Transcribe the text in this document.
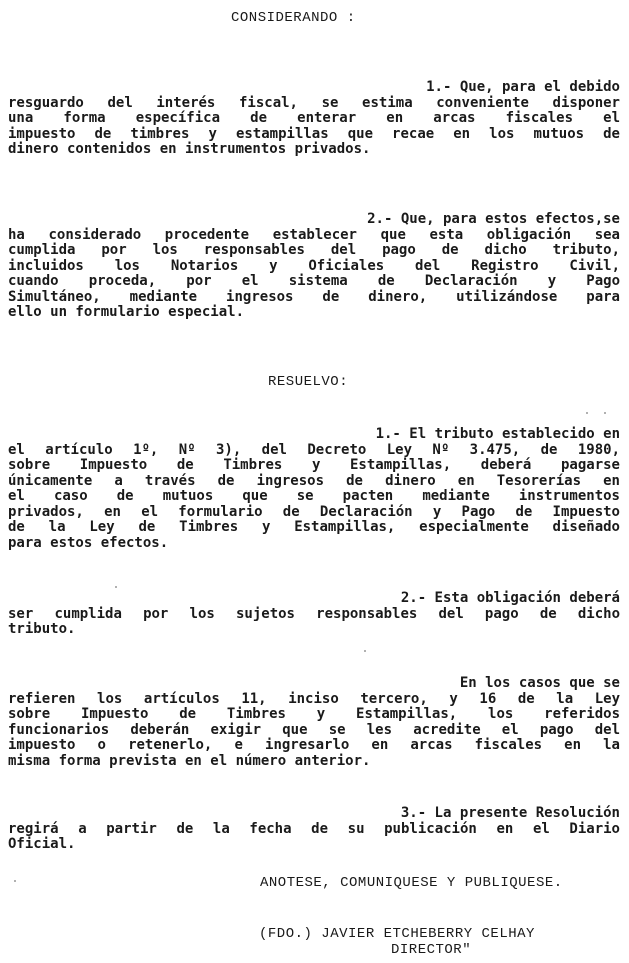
CONSIDERANDO :
1.- Que, para el debido
resguardo del interés fiscal, se estima conveniente disponer
una forma específica de enterar en arcas fiscales el
impuesto de timbres y estampillas que recae en los mutuos de
dinero contenidos en instrumentos privados.
2.- Que, para estos efectos,se
ha considerado procedente establecer que esta obligación sea
cumplida por los responsables del pago de dicho tributo,
incluidos los Notarios y Oficiales del Registro Civil,
cuando proceda, por el sistema de Declaración y Pago
Simultáneo, mediante ingresos de dinero, utilizándose para
ello un formulario especial.
RESUELVO:
1.- El tributo establecido en
el artículo 1º, Nº 3), del Decreto Ley Nº 3.475, de 1980,
sobre Impuesto de Timbres y Estampillas, deberá pagarse
únicamente a través de ingresos de dinero en Tesorerías en
el caso de mutuos que se pacten mediante instrumentos
privados, en el formulario de Declaración y Pago de Impuesto
de la Ley de Timbres y Estampillas, especialmente diseñado
para estos efectos.
2.- Esta obligación deberá
ser cumplida por los sujetos responsables del pago de dicho
tributo.
En los casos que se
refieren los artículos 11, inciso tercero, y 16 de la Ley
sobre Impuesto de Timbres y Estampillas, los referidos
funcionarios deberán exigir que se les acredite el pago del
impuesto o retenerlo, e ingresarlo en arcas fiscales en la
misma forma prevista en el número anterior.
3.- La presente Resolución
regirá a partir de la fecha de su publicación en el Diario
Oficial.
ANOTESE, COMUNIQUESE Y PUBLIQUESE.
(FDO.) JAVIER ETCHEBERRY CELHAY
DIRECTOR"
